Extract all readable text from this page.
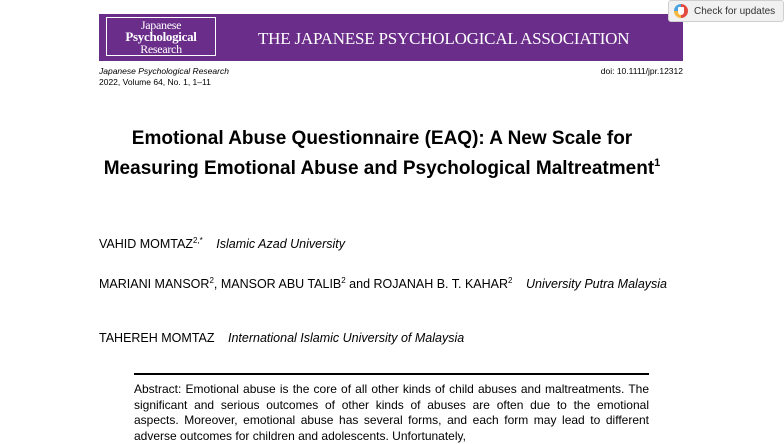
Japanese
Psychological
Research
THE JAPANESE PSYCHOLOGICAL ASSOCIATION
Check for updates
Japanese Psychological Research
2022, Volume 64, No. 1, 1–11
doi: 10.1111/jpr.12312
Emotional Abuse Questionnaire (EAQ): A New Scale for Measuring Emotional Abuse and Psychological Maltreatment$^1$
VAHID $MOMTAZ^{2,*}$ Islamic Azad University
MARIANI MANSOR$^2$, MANSOR ABU TALIB$^2$ and ROJANAH B. T. KAHAR$^2$ University Putra Malaysia
TAHEREH MOMTAZ International Islamic University of Malaysia
Abstract: Emotional abuse is the core of all other kinds of child abuses and maltreatments. The significant and serious outcomes of other kinds of abuses are often due to the emotional aspects. Moreover, emotional abuse has several forms, and each form may lead to different adverse outcomes for children and adolescents. Unfortunately,
